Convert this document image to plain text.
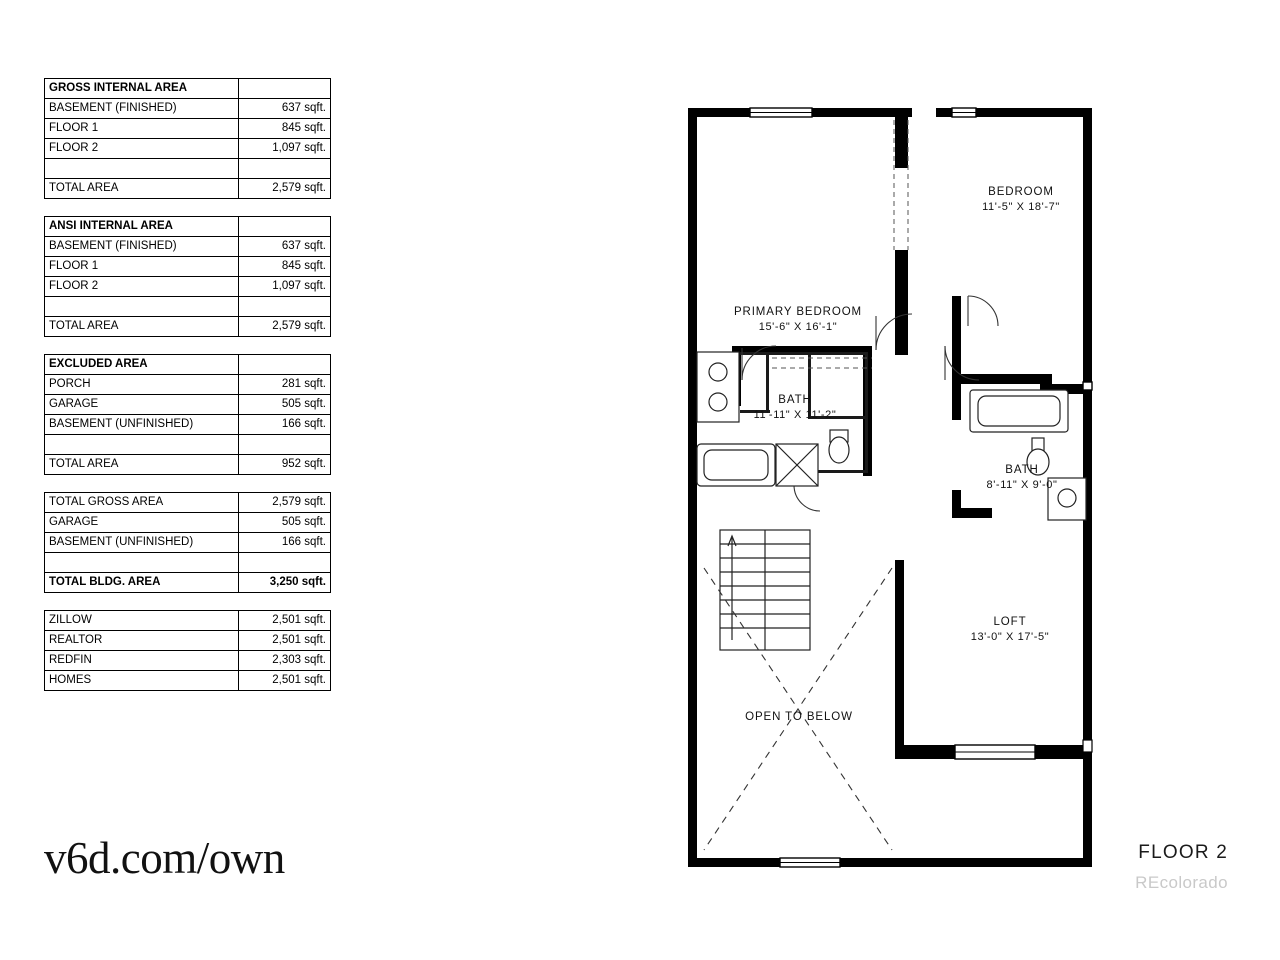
GROSS INTERNAL AREA	
BASEMENT (FINISHED)	637 sqft.
FLOOR 1	845 sqft.
FLOOR 2	1,097 sqft.

TOTAL AREA	2,579 sqft.
ANSI INTERNAL AREA	
BASEMENT (FINISHED)	637 sqft.
FLOOR 1	845 sqft.
FLOOR 2	1,097 sqft.

TOTAL AREA	2,579 sqft.
EXCLUDED AREA	
PORCH	281 sqft.
GARAGE	505 sqft.
BASEMENT (UNFINISHED)	166 sqft.

TOTAL AREA	952 sqft.
TOTAL GROSS AREA	2,579 sqft.
GARAGE	505 sqft.
BASEMENT (UNFINISHED)	166 sqft.

TOTAL BLDG. AREA	3,250 sqft.
ZILLOW	2,501 sqft.
REALTOR	2,501 sqft.
REDFIN	2,303 sqft.
HOMES	2,501 sqft.
v6d.com/own	FLOOR 2
REcolorado
PRIMARY BEDROOM
15'-6" X 16'-1"
BEDROOM
11'-5" X 18'-7"
BATH
11'-11" X 11'-2"
BATH
8'-11" X 9'-0"
LOFT
13'-0" X 17'-5"
OPEN TO BELOW
